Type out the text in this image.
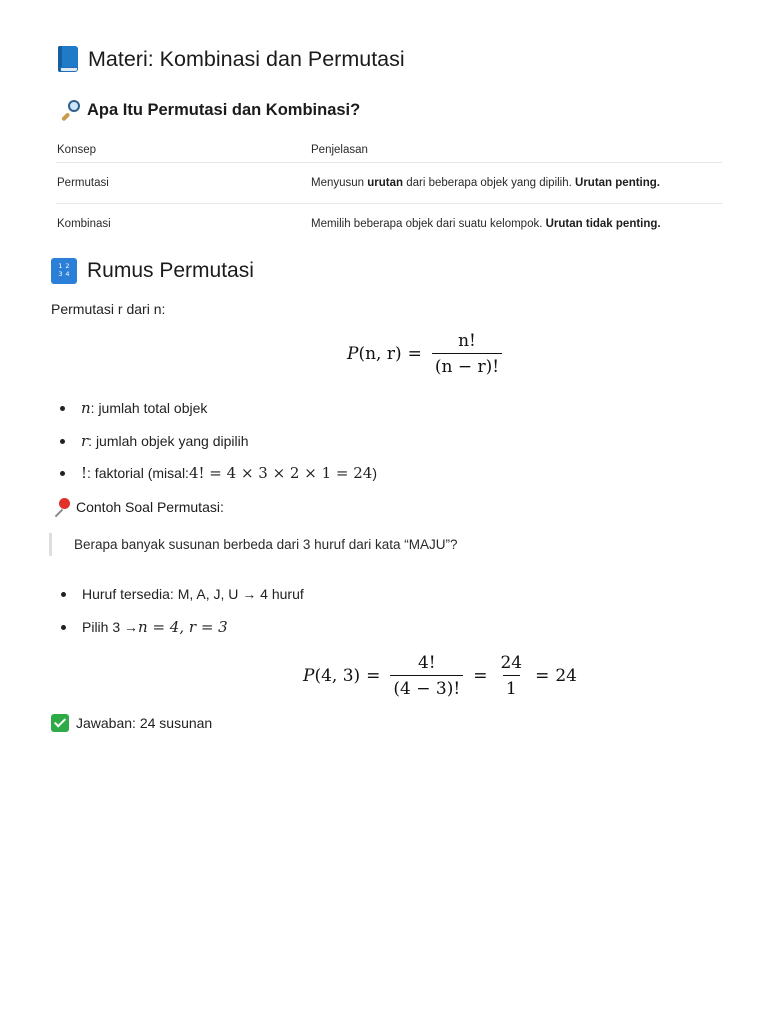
Materi: Kombinasi dan Permutasi
Apa Itu Permutasi dan Kombinasi?
Konsep	Penjelasan
Permutasi	Menyusun urutan dari beberapa objek yang dipilih. Urutan penting.
Kombinasi	Memilih beberapa objek dari suatu kelompok. Urutan tidak penting.
1 2
3 4 Rumus Permutasi
Permutasi r dari n:
P (n, $r) = \frac{n!}{(n - r)!}$
n : jumlah total objek
r : jumlah objek yang dipilih
! : faktorial (misal: 4! = 4 × 3 × 2 × 1 = 24 )
Contoh Soal Permutasi:
Berapa banyak susunan berbeda dari 3 huruf dari kata “MAJU”?
Huruf tersedia: M, A, J, U → 4 huruf
Pilih 3 → n = 4, r = 3
P (4, $3) = \frac{4!}{(4 - 3)!} = \frac{24}{1} = 24$
Jawaban: 24 susunan
